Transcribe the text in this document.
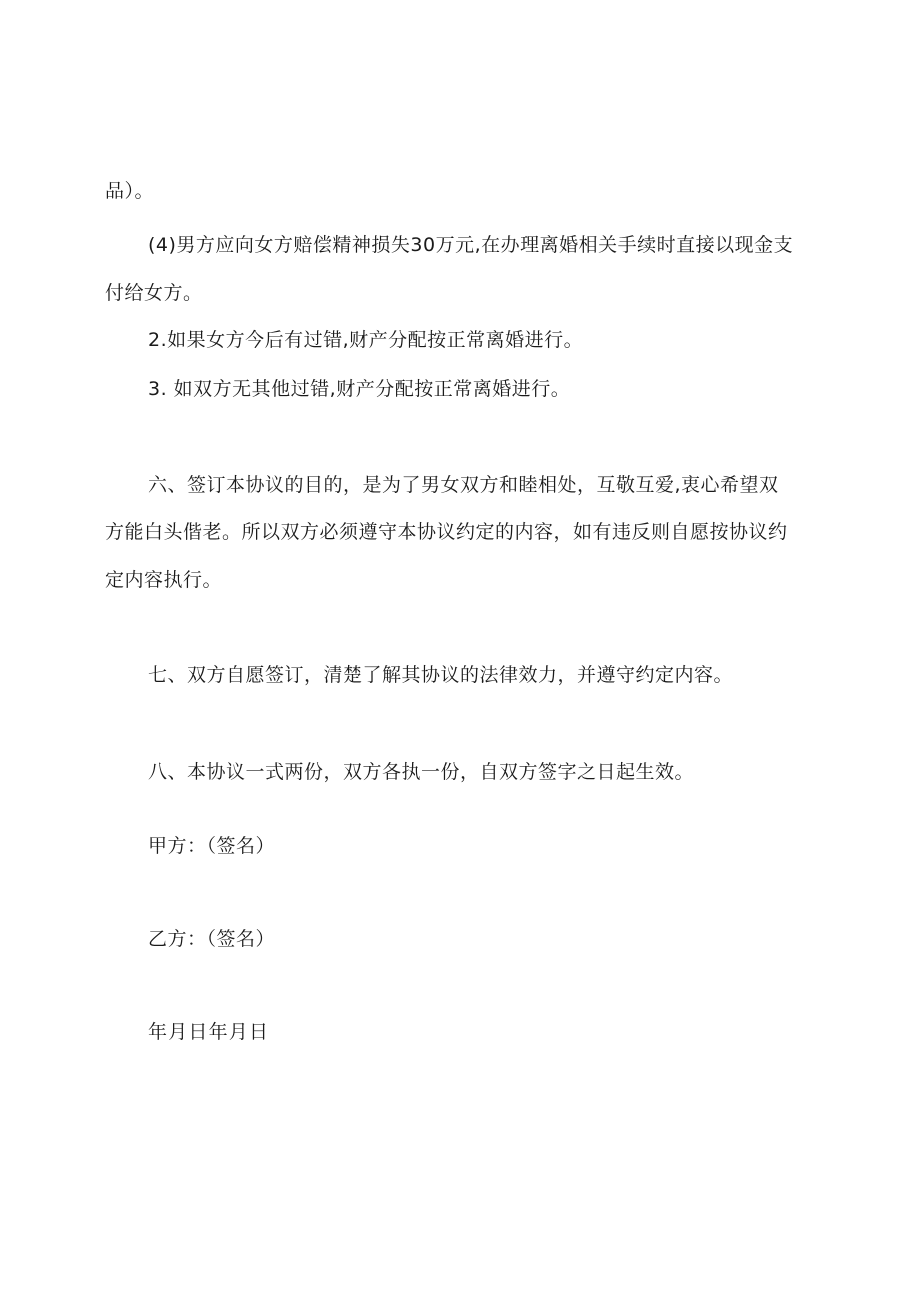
品）。
(4)男方应向女方赔偿精神损失30万元,在办理离婚相关手续时直接以现金支
付给女方。
2.如果女方今后有过错,财产分配按正常离婚进行。
3. 如双方无其他过错,财产分配按正常离婚进行。
六、签订本协议的目的，是为了男女双方和睦相处，互敬互爱,衷心希望双
方能白头偕老。所以双方必须遵守本协议约定的内容，如有违反则自愿按协议约
定内容执行。
七、双方自愿签订，清楚了解其协议的法律效力，并遵守约定内容。
八、本协议一式两份，双方各执一份，自双方签字之日起生效。
甲方：（签名）
乙方：（签名）
年月日年月日
